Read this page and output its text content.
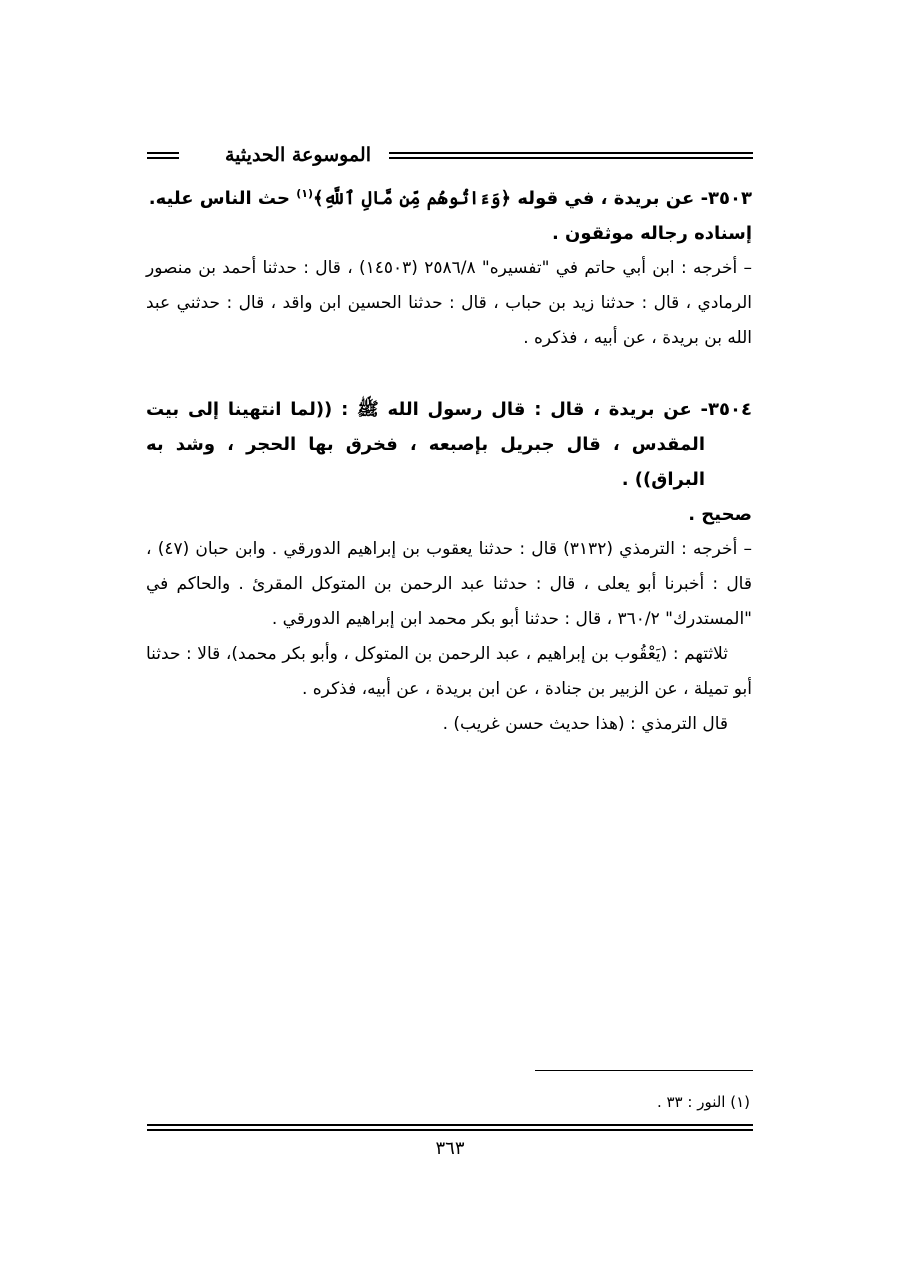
الموسوعة الحديثية

٣٥٠٣- عن بريدة ، في قوله ﴿وَءَاتُوهُم مِّن مَّالِ ٱللَّهِ﴾$^{(١)}$ حث الناس عليه.

إسناده رجاله موثقون .

– أخرجه : ابن أبي حاتم في "تفسيره" ٢٥٨٦/٨ (١٤٥٠٣) ، قال : حدثنا أحمد بن منصور الرمادي ، قال : حدثنا زيد بن حباب ، قال : حدثنا الحسين ابن واقد ، قال : حدثني عبد الله بن بريدة ، عن أبيه ، فذكره .

٣٥٠٤- عن بريدة ، قال : قال رسول الله ﷺ : ((لما انتهينا إلى بيت المقدس ، قال جبريل بإصبعه ، فخرق بها الحجر ، وشد به البراق)) .

صحيح .

– أخرجه : الترمذي (٣١٣٢) قال : حدثنا يعقوب بن إبراهيم الدورقي . وابن حبان (٤٧) ، قال : أخبرنا أبو يعلى ، قال : حدثنا عبد الرحمن بن المتوكل المقرئ . والحاكم في "المستدرك" ٣٦٠/٢ ، قال : حدثنا أبو بكر محمد ابن إبراهيم الدورقي .

ثلاثتهم : (يَعْقُوب بن إبراهيم ، عبد الرحمن بن المتوكل ، وأبو بكر محمد)، قالا : حدثنا أبو تميلة ، عن الزبير بن جنادة ، عن ابن بريدة ، عن أبيه، فذكره .

قال الترمذي : (هذا حديث حسن غريب) .

(١) النور : ٣٣ .
٣٦٣
